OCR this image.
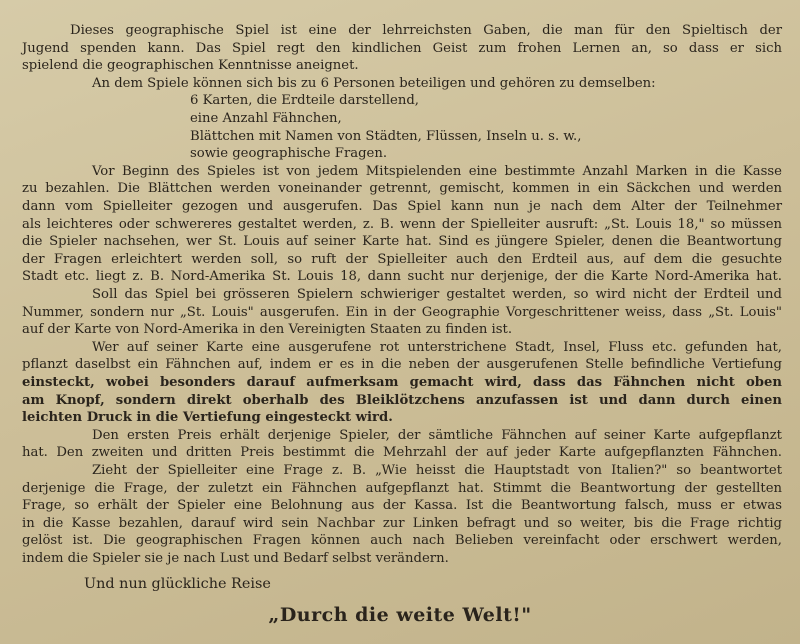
Dieses geographische Spiel ist eine der lehrreichsten Gaben, die man für den Spieltisch der
Jugend spenden kann. Das Spiel regt den kindlichen Geist zum frohen Lernen an, so dass er sich
spielend die geographischen Kenntnisse aneignet.
An dem Spiele können sich bis zu 6 Personen beteiligen und gehören zu demselben:
6 Karten, die Erdteile darstellend,
eine Anzahl Fähnchen,
Blättchen mit Namen von Städten, Flüssen, Inseln u. s. w.,
sowie geographische Fragen.
Vor Beginn des Spieles ist von jedem Mitspielenden eine bestimmte Anzahl Marken in die Kasse
zu bezahlen. Die Blättchen werden voneinander getrennt, gemischt, kommen in ein Säckchen und werden
dann vom Spielleiter gezogen und ausgerufen. Das Spiel kann nun je nach dem Alter der Teilnehmer
als leichteres oder schwereres gestaltet werden, z. B. wenn der Spielleiter ausruft: „St. Louis 18," so müssen
die Spieler nachsehen, wer St. Louis auf seiner Karte hat. Sind es jüngere Spieler, denen die Beantwortung
der Fragen erleichtert werden soll, so ruft der Spielleiter auch den Erdteil aus, auf dem die gesuchte
Stadt etc. liegt z. B. Nord-Amerika St. Louis 18, dann sucht nur derjenige, der die Karte Nord-Amerika hat.
Soll das Spiel bei grösseren Spielern schwieriger gestaltet werden, so wird nicht der Erdteil und
Nummer, sondern nur „St. Louis" ausgerufen. Ein in der Geographie Vorgeschrittener weiss, dass „St. Louis"
auf der Karte von Nord-Amerika in den Vereinigten Staaten zu finden ist.
Wer auf seiner Karte eine ausgerufene rot unterstrichene Stadt, Insel, Fluss etc. gefunden hat,
pflanzt daselbst ein Fähnchen auf, indem er es in die neben der ausgerufenen Stelle befindliche Vertiefung
einsteckt, wobei besonders darauf aufmerksam gemacht wird, dass das Fähnchen nicht oben
am Knopf, sondern direkt oberhalb des Bleiklötzchens anzufassen ist und dann durch einen
leichten Druck in die Vertiefung eingesteckt wird.
Den ersten Preis erhält derjenige Spieler, der sämtliche Fähnchen auf seiner Karte aufgepflanzt
hat. Den zweiten und dritten Preis bestimmt die Mehrzahl der auf jeder Karte aufgepflanzten Fähnchen.
Zieht der Spielleiter eine Frage z. B. „Wie heisst die Hauptstadt von Italien?" so beantwortet
derjenige die Frage, der zuletzt ein Fähnchen aufgepflanzt hat. Stimmt die Beantwortung der gestellten
Frage, so erhält der Spieler eine Belohnung aus der Kassa. Ist die Beantwortung falsch, muss er etwas
in die Kasse bezahlen, darauf wird sein Nachbar zur Linken befragt und so weiter, bis die Frage richtig
gelöst ist. Die geographischen Fragen können auch nach Belieben vereinfacht oder erschwert werden,
indem die Spieler sie je nach Lust und Bedarf selbst verändern.
Und nun glückliche Reise
„Durch die weite Welt!"
